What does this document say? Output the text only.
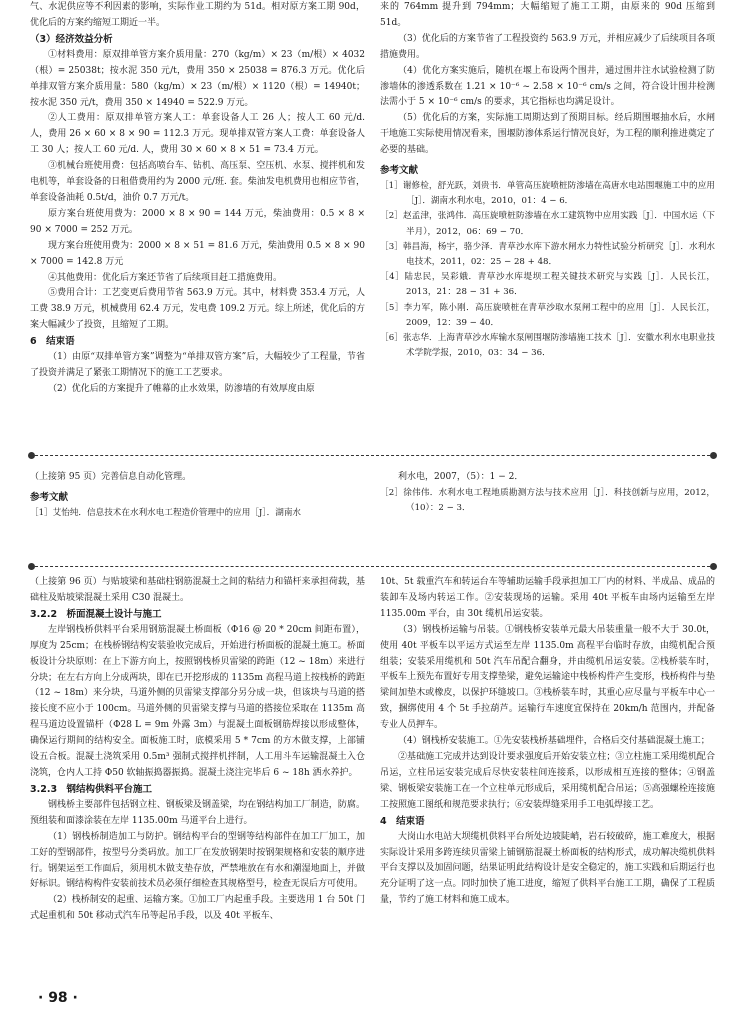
气、水泥供应等不利因素的影响，实际作业工期约为 51d。相对原方案工期 90d，优化后的方案约缩短工期近一半。

（3）经济效益分析

①材料费用：原双排单管方案介质用量：270（kg/m）× 23（m/根）× 4032（根）= 25038t；按水泥 350 元/t，费用 350 × 25038 = 876.3 万元。优化后单排双管方案介质用量：580（kg/m）× 23（m/根）× 1120（根）= 14940t；按水泥 350 元/t，费用 350 × 14940 = 522.9 万元。

②人工费用：原双排单管方案人工：单套设备人工 26 人；按人工 60 元/d. 人，费用 26 × 60 × 8 × 90 = 112.3 万元。现单排双管方案人工费：单套设备人工 30 人；按人工 60 元/d. 人，费用 30 × 60 × 8 × 51 = 73.4 万元。

③机械台班使用费：包括高喷台车、钻机、高压泵、空压机、水泵、搅拌机和发电机等，单套设备的日租借费用约为 2000 元/班. 套。柴油发电机费用也相应节省，单套设备油耗 0.5t/d，油价 0.7 万元/t。

原方案台班使用费为：2000 × 8 × 90 = 144 万元，柴油费用：0.5 × 8 × 90 × 7000 = 252 万元。

现方案台班使用费为：2000 × 8 × 51 = 81.6 万元，柴油费用 0.5 × 8 × 90 × 7000 = 142.8 万元

④其他费用：优化后方案还节省了后续项目赶工措施费用。

⑤费用合计：工艺变更后费用节省 563.9 万元。其中，材料费 353.4 万元，人工费 38.9 万元，机械费用 62.4 万元，发电费 109.2 万元。综上所述，优化后的方案大幅减少了投资，且缩短了工期。

6　结束语

（1）由原“双排单管方案”调整为“单排双管方案”后，大幅较少了工程量，节省了投资并满足了紧张工期情况下的施工工艺要求。

（2）优化后的方案提升了帷幕的止水效果，防渗墙的有效厚度由原

来的 764mm 提升到 794mm；大幅缩短了施工工期，由原来的 90d 压缩到 51d。

（3）优化后的方案节省了工程投资约 563.9 万元，并相应减少了后续项目各项措施费用。

（4）优化方案实施后，随机在堰上布设两个围井，通过围井注水试验检测了防渗墙体的渗透系数在 1.21 × 10⁻⁶ ~ 2.58 × 10⁻⁶ cm/s 之间，符合设计围井检测法需小于 5 × 10⁻⁶ cm/s 的要求，其它指标也均满足设计。

（5）优化后的方案，实际施工周期达到了预期目标。经后期围堰抽水后，水闸干地施工实际使用情况看来，围堰防渗体系运行情况良好，为工程的顺利推进奠定了必要的基础。

参考文献

［1］谢修检，舒光跃，刘贵书．单管高压旋喷桩防渗墙在高唐水电站围堰施工中的应用［J］．湖南水利水电，2010，01：4 − 6．

［2］赵孟津，张鸿伟．高压旋喷桩防渗墙在水工建筑物中应用实践［J］．中国水运（下半月），2012，06：69 − 70．

［3］韩昌海，杨宇，骆少泽．青草沙水库下游水闸水力特性试验分析研究［J］．水利水电技术，2011，02：25 − 28 + 48．

［4］陆忠民，吴彩娥．青草沙水库堤坝工程关键技术研究与实践［J］．人民长江，2013，21：28 − 31 + 36．

［5］李力军，陈小刚．高压旋喷桩在青草沙取水泵闸工程中的应用［J］．人民长江，2009，12：39 − 40．

［6］张志华．上海青草沙水库输水泵闸围堰防渗墙施工技术［J］．安徽水利水电职业技术学院学报，2010，03：34 − 36．

（上接第 95 页）完善信息自动化管理。

参考文献

［1］艾怡纯．信息技术在水利水电工程造价管理中的应用［J］．湖南水

利水电，2007，（5）：1 − 2．

［2］徐伟伟．水利水电工程地质勘测方法与技术应用［J］．科技创新与应用，2012，（10）：2 − 3．

（上接第 96 页）与贴坡梁和基础柱钢筋混凝土之间的粘结力和锚杆来承担荷载，基础柱及贴坡梁混凝土采用 C30 混凝土。

3.2.2　桥面混凝土设计与施工

左岸钢栈桥供料平台采用钢筋混凝土桥面板（Φ16 @ 20 * 20cm 间距布置），厚度为 25cm；在栈桥钢结构安装验收完成后，开始进行桥面板的混凝土施工。桥面板设计分块原则：在上下游方向上，按照钢栈桥贝雷梁的跨距（12 ~ 18m）来进行分块；在左右方向上分成两块，即在已开挖形成的 1135m 高程马道上按栈桥的跨距（12 ~ 18m）来分块，马道外侧的贝雷梁支撑部分另分成一块，但该块与马道的搭接长度不应小于 100cm。马道外侧的贝雷梁支撑与马道的搭接位采取在 1135m 高程马道边设置锚杆（Φ28 L = 9m 外露 3m）与混凝土面板钢筋焊接以形成整体，确保运行期间的结构安全。面板施工时，底模采用 5 * 7cm 的方木做支撑，上部铺设五合板。混凝土浇筑采用 0.5m³ 强制式搅拌机拌制，人工用斗车运输混凝土入仓浇筑，仓内人工持 Φ50 软轴振捣器振捣。混凝土浇注完毕后 6 ~ 18h 洒水养护。

3.2.3　钢结构供料平台施工

钢栈桥主要部件包括钢立柱、钢板梁及钢盖梁，均在钢结构加工厂制造，防腐。预组装和面漆涂装在左岸 1135.00m 马道平台上进行。

（1）钢栈桥制造加工与防护。钢结构平台的型钢等结构部件在加工厂加工，加工好的型钢部件，按型号分类码放。加工厂在发放钢架时按钢架规格和安装的顺序进行。钢架运至工作面后，须用机木做支垫存放，严禁堆放在有水和潮湿地面上，并做好标识。钢结构构件安装前技术员必须仔细检查其规格型号，检查无误后方可使用。

（2）栈桥制安的起重、运输方案。①加工厂内起重手段。主要选用 1 台 50t 门式起重机和 50t 移动式汽车吊等起吊手段，以及 40t 平板车、

10t、5t 载重汽车和转运台车等辅助运输手段承担加工厂内的材料、半成品、成品的装卸车及场内转运工作。②安装现场的运输。采用 40t 平板车由场内运输至左岸 1135.00m 平台，由 30t 缆机吊运安装。

（3）钢栈桥运输与吊装。①钢栈桥安装单元最大吊装重量一般不大于 30.0t，使用 40t 平板车以平运方式运至左岸 1135.0m 高程平台临时存放，由缆机配合预组装；安装采用缆机和 50t 汽车吊配合翻身，并由缆机吊运安装。②栈桥装车时，平板车上预先布置好专用支撑垫梁，避免运输途中栈桥构件产生变形，栈桥构件与垫梁间加垫木或橡皮，以保护环缝坡口。③栈桥装车时，其重心应尽量与平板车中心一致，捆绑使用 4 个 5t 手拉葫芦。运输行车速度宜保持在 20km/h 范围内，并配备专业人员押车。

（4）钢栈桥安装施工。①先安装栈桥基础埋件，合格后交付基础混凝土施工；

②基础施工完成并达到设计要求强度后开始安装立柱；③立柱施工采用缆机配合吊运，立柱吊运安装完成后尽快安装柱间连接系，以形成相互连接的整体；④钢盖梁、钢板梁安装施工在一个立柱单元形成后，采用缆机配合吊运；⑤高强螺栓连接施工按照施工图纸和规范要求执行；⑥安装焊缝采用手工电弧焊接工艺。

4　结束语

大岗山水电站大坝缆机供料平台所处边坡陡峭，岩石较破碎，施工难度大，根据实际设计采用多跨连续贝雷梁上铺钢筋混凝土桥面板的结构形式，成功解决缆机供料平台支撑以及加固问题，结果证明此结构设计是安全稳定的，施工实践和后期运行也充分证明了这一点。同时加快了施工进度，缩短了供料平台施工工期，确保了工程质量，节约了施工材料和施工成本。

· 98 ·
